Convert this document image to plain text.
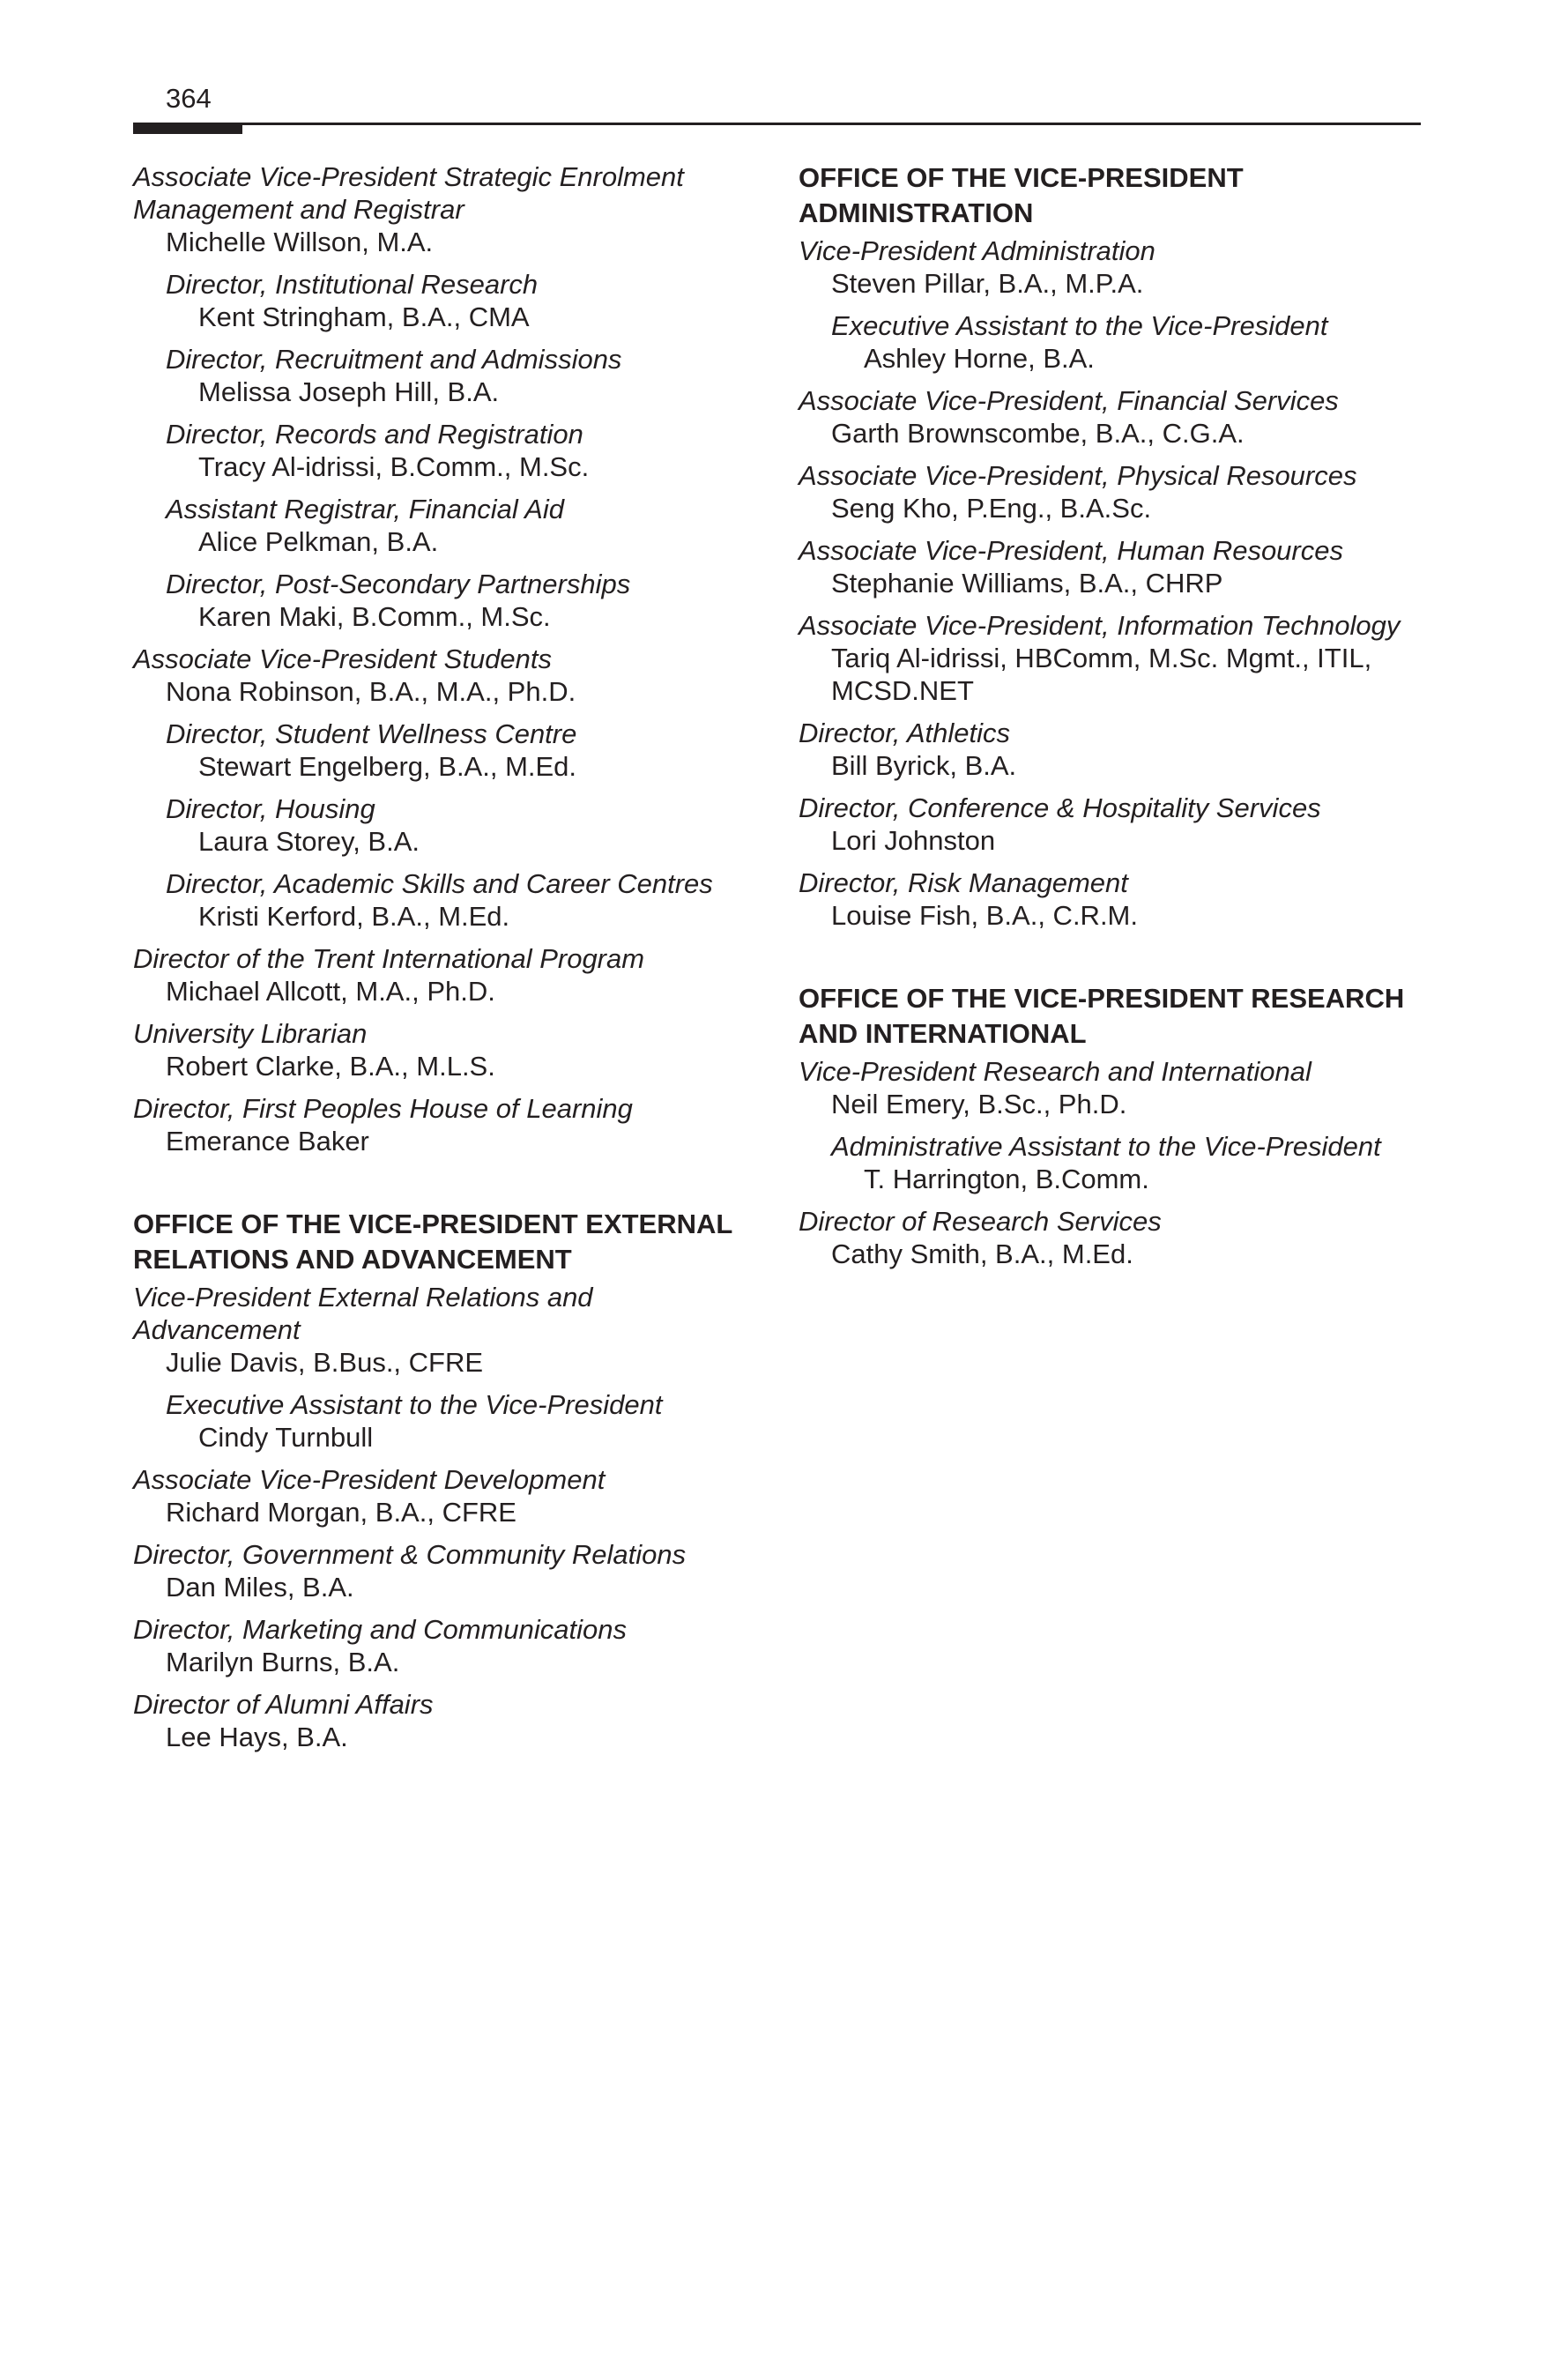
364
Associate Vice-President Strategic Enrolment Management and Registrar
Michelle Willson, M.A.
Director, Institutional Research
Kent Stringham, B.A., CMA
Director, Recruitment and Admissions
Melissa Joseph Hill, B.A.
Director, Records and Registration
Tracy Al-idrissi, B.Comm., M.Sc.
Assistant Registrar, Financial Aid
Alice Pelkman, B.A.
Director, Post-Secondary Partnerships
Karen Maki, B.Comm., M.Sc.
Associate Vice-President Students
Nona Robinson, B.A., M.A., Ph.D.
Director, Student Wellness Centre
Stewart Engelberg, B.A., M.Ed.
Director, Housing
Laura Storey, B.A.
Director, Academic Skills and Career Centres
Kristi Kerford, B.A., M.Ed.
Director of the Trent International Program
Michael Allcott, M.A., Ph.D.
University Librarian
Robert Clarke, B.A., M.L.S.
Director, First Peoples House of Learning
Emerance Baker
OFFICE OF THE VICE-PRESIDENT EXTERNAL RELATIONS AND ADVANCEMENT
Vice-President External Relations and Advancement
Julie Davis, B.Bus., CFRE
Executive Assistant to the Vice-President
Cindy Turnbull
Associate Vice-President Development
Richard Morgan, B.A., CFRE
Director, Government & Community Relations
Dan Miles, B.A.
Director, Marketing and Communications
Marilyn Burns, B.A.
Director of Alumni Affairs
Lee Hays, B.A.
OFFICE OF THE VICE-PRESIDENT ADMINISTRATION
Vice-President Administration
Steven Pillar, B.A., M.P.A.
Executive Assistant to the Vice-President
Ashley Horne, B.A.
Associate Vice-President, Financial Services
Garth Brownscombe, B.A., C.G.A.
Associate Vice-President, Physical Resources
Seng Kho, P.Eng., B.A.Sc.
Associate Vice-President, Human Resources
Stephanie Williams, B.A., CHRP
Associate Vice-President, Information Technology
Tariq Al-idrissi, HBComm, M.Sc. Mgmt., ITIL, MCSD.NET
Director, Athletics
Bill Byrick, B.A.
Director, Conference & Hospitality Services
Lori Johnston
Director, Risk Management
Louise Fish, B.A., C.R.M.
OFFICE OF THE VICE-PRESIDENT RESEARCH AND INTERNATIONAL
Vice-President Research and International
Neil Emery, B.Sc., Ph.D.
Administrative Assistant to the Vice-President
T. Harrington, B.Comm.
Director of Research Services
Cathy Smith, B.A., M.Ed.
